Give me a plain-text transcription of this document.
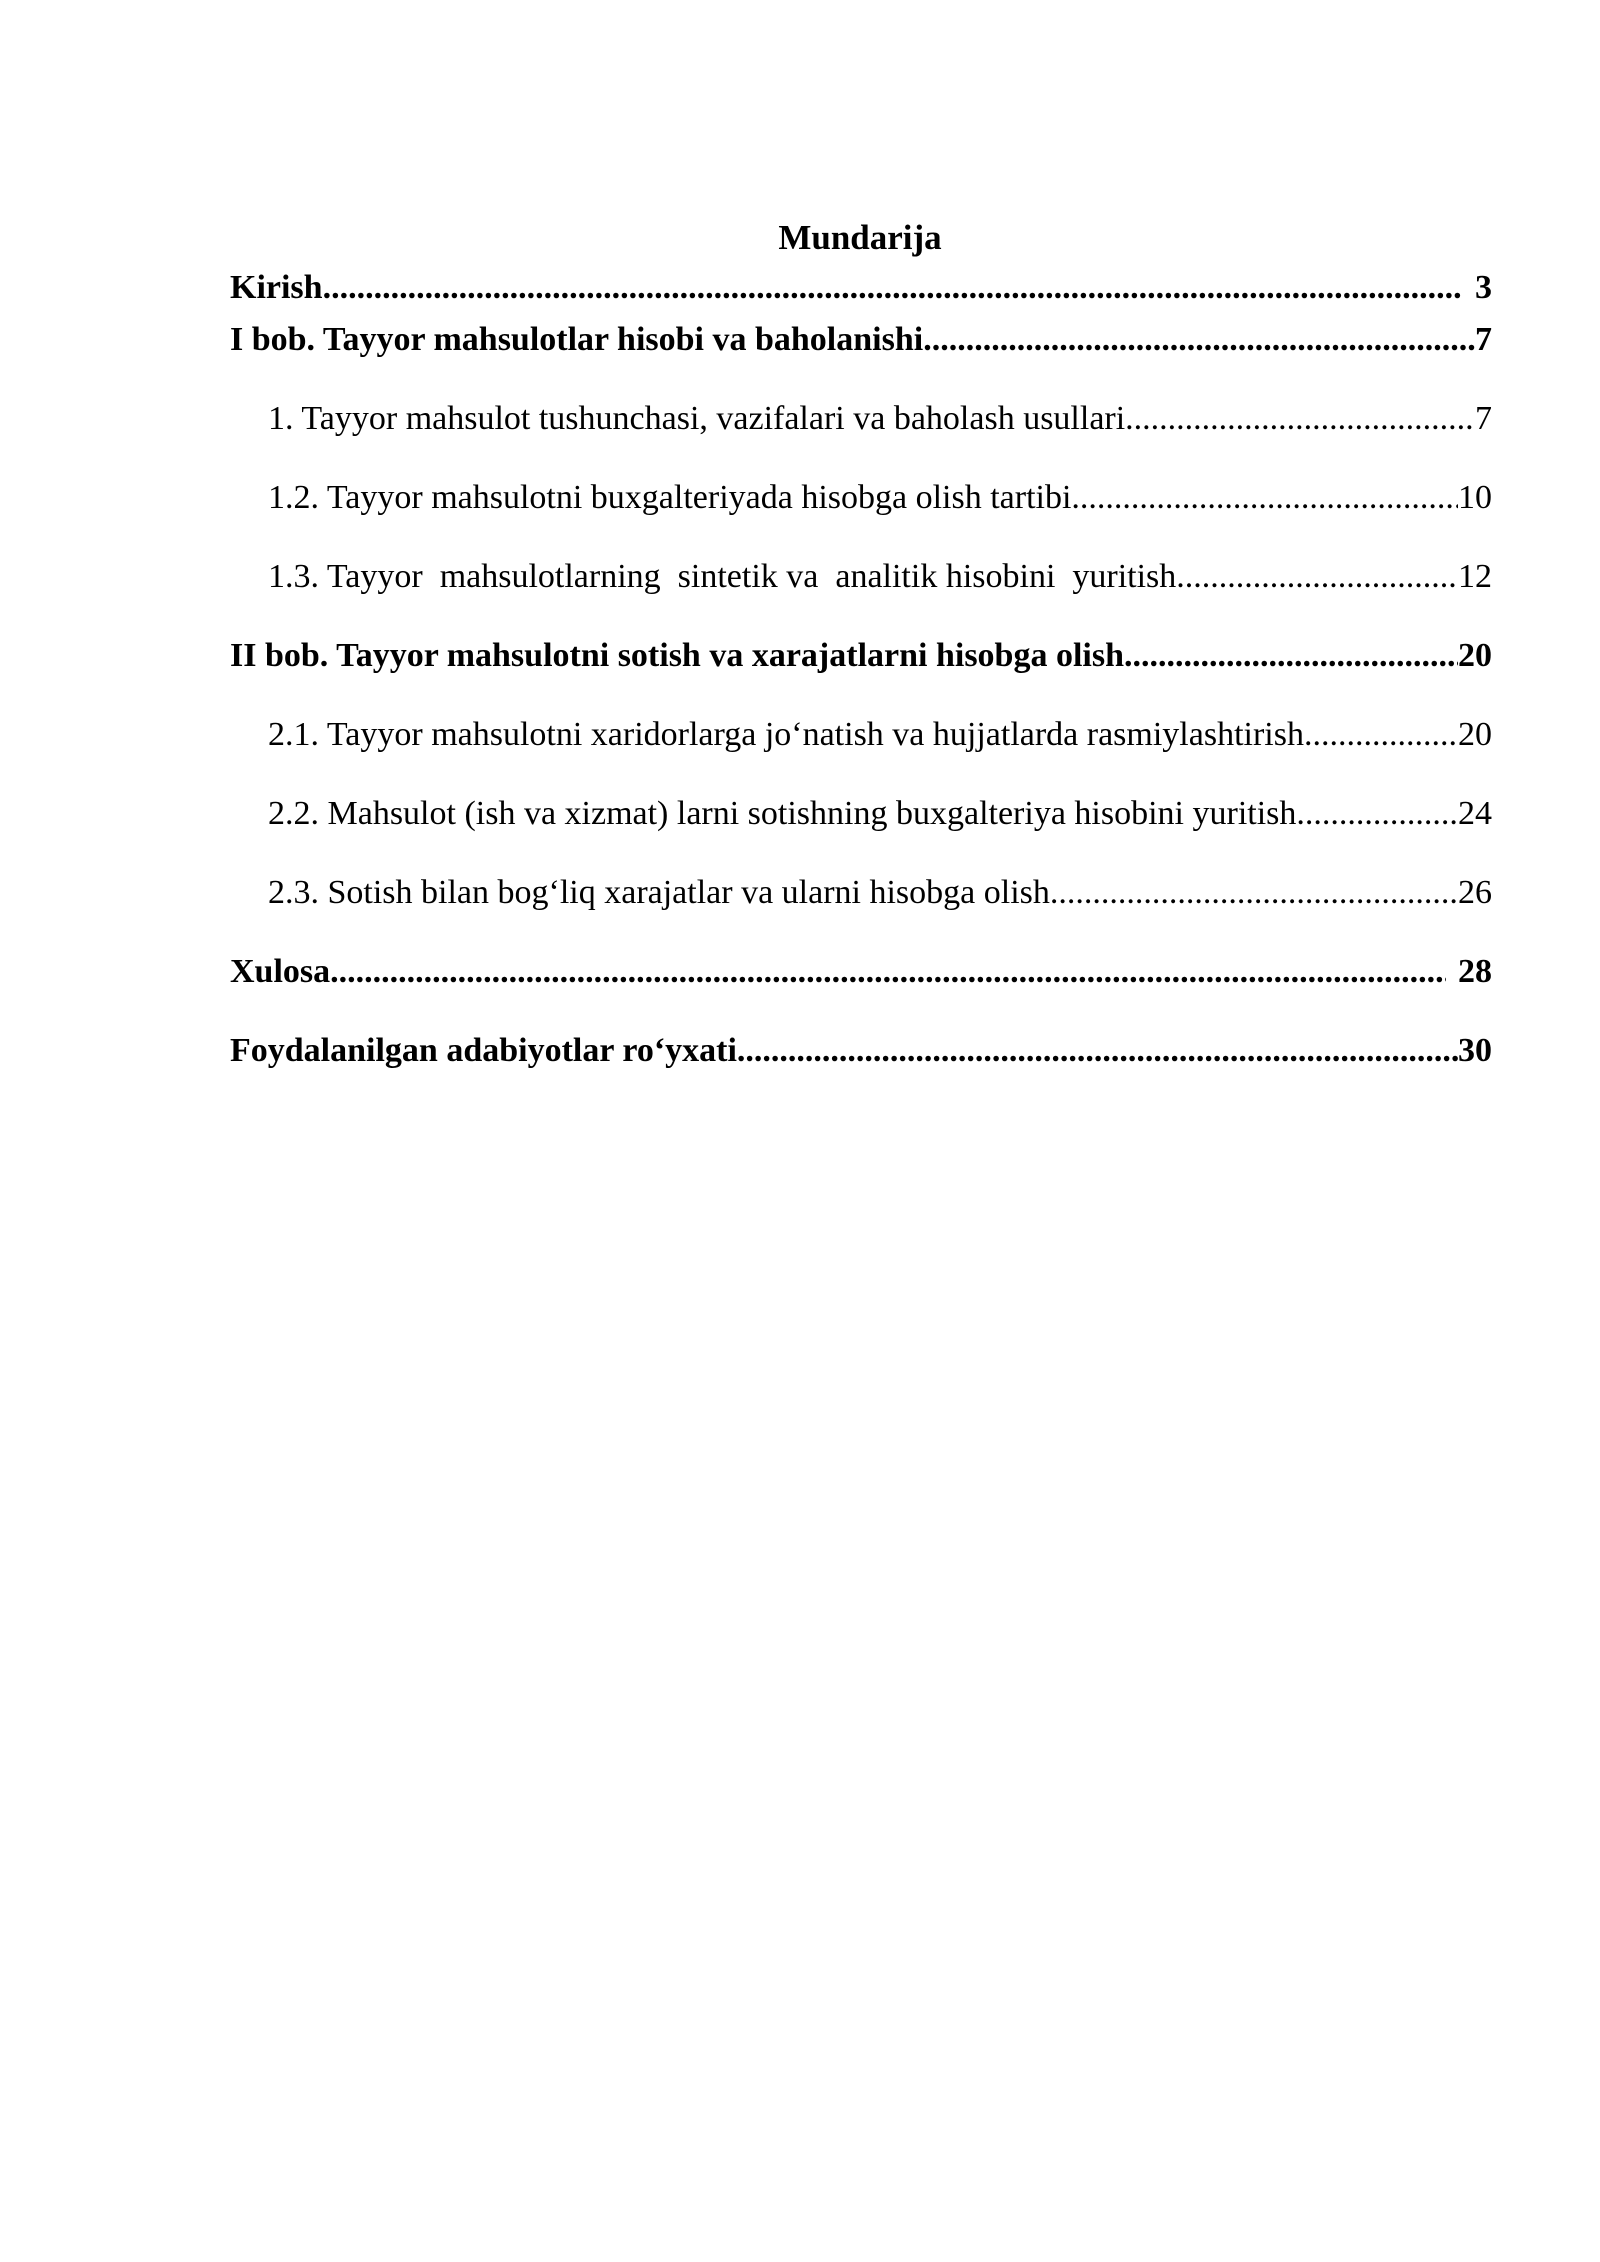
Mundarija
Kirish .....	3
I bob. Tayyor mahsulotlar hisobi va baholanishi .....	7
1. Tayyor mahsulot tushunchasi, vazifalari va baholash usullari .....	7
1.2. Tayyor mahsulotni buxgalteriyada hisobga olish tartibi .....	10
1.3. Tayyor  mahsulotlarning  sintetik va  analitik hisobini  yuritish .....	12
II bob. Tayyor mahsulotni sotish va xarajatlarni hisobga olish .....	20
2.1. Tayyor mahsulotni xaridorlarga jo‘natish va hujjatlarda rasmiylashtirish .....	20
2.2. Mahsulot (ish va xizmat) larni sotishning buxgalteriya hisobini yuritish .....	24
2.3. Sotish bilan bog‘liq xarajatlar va ularni hisobga olish .....	26
Xulosa .....	28
Foydalanilgan adabiyotlar ro‘yxati .....	30
